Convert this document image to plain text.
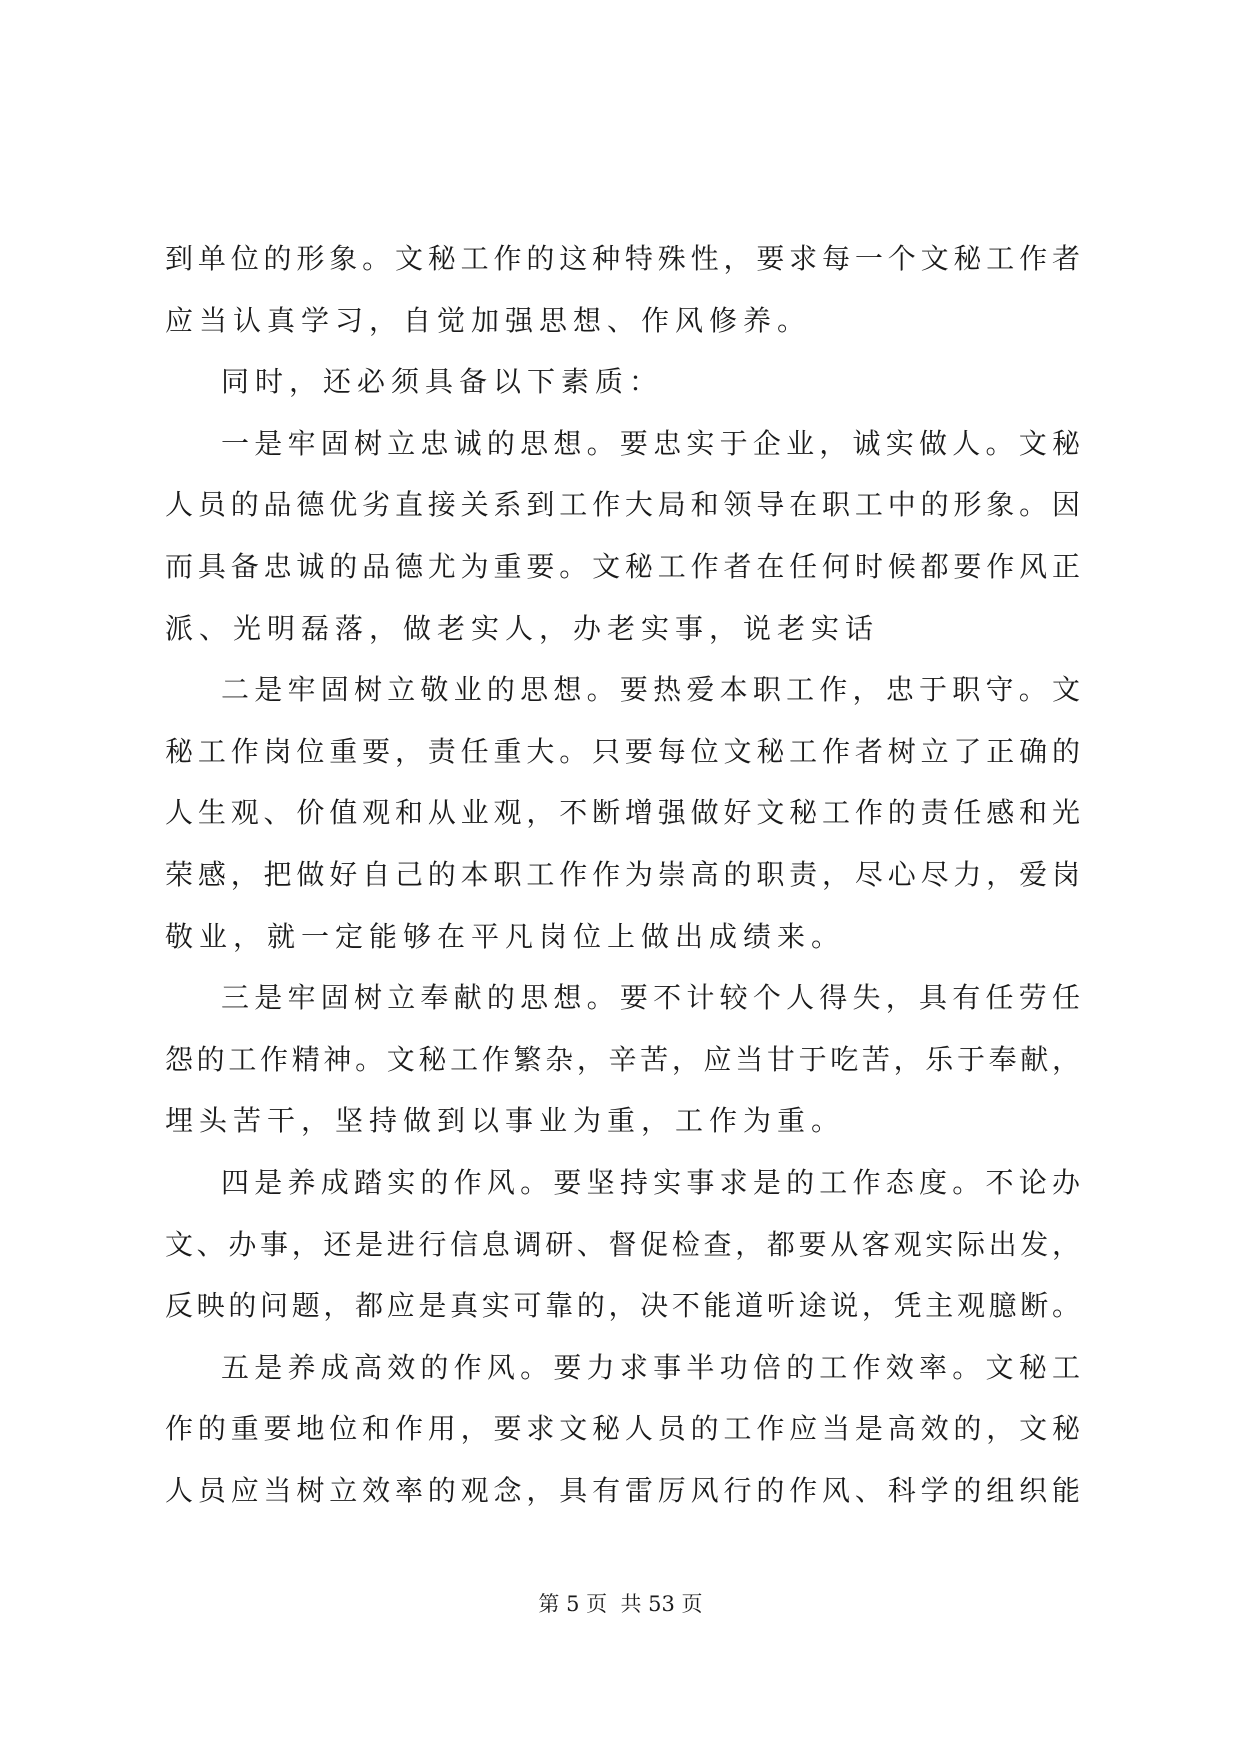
到单位的形象。文秘工作的这种特殊性，要求每一个文秘工作者
应当认真学习，自觉加强思想、作风修养。
同时，还必须具备以下素质：
一是牢固树立忠诚的思想。要忠实于企业，诚实做人。文秘
人员的品德优劣直接关系到工作大局和领导在职工中的形象。因
而具备忠诚的品德尤为重要。文秘工作者在任何时候都要作风正
派、光明磊落，做老实人，办老实事，说老实话
二是牢固树立敬业的思想。要热爱本职工作，忠于职守。文
秘工作岗位重要，责任重大。只要每位文秘工作者树立了正确的
人生观、价值观和从业观，不断增强做好文秘工作的责任感和光
荣感，把做好自己的本职工作作为崇高的职责，尽心尽力，爱岗
敬业，就一定能够在平凡岗位上做出成绩来。
三是牢固树立奉献的思想。要不计较个人得失，具有任劳任
怨的工作精神。文秘工作繁杂，辛苦，应当甘于吃苦，乐于奉献，
埋头苦干，坚持做到以事业为重，工作为重。
四是养成踏实的作风。要坚持实事求是的工作态度。不论办
文、办事，还是进行信息调研、督促检查，都要从客观实际出发，
反映的问题，都应是真实可靠的，决不能道听途说，凭主观臆断。
五是养成高效的作风。要力求事半功倍的工作效率。文秘工
作的重要地位和作用，要求文秘人员的工作应当是高效的，文秘
人员应当树立效率的观念，具有雷厉风行的作风、科学的组织能
第 5 页  共 53 页
